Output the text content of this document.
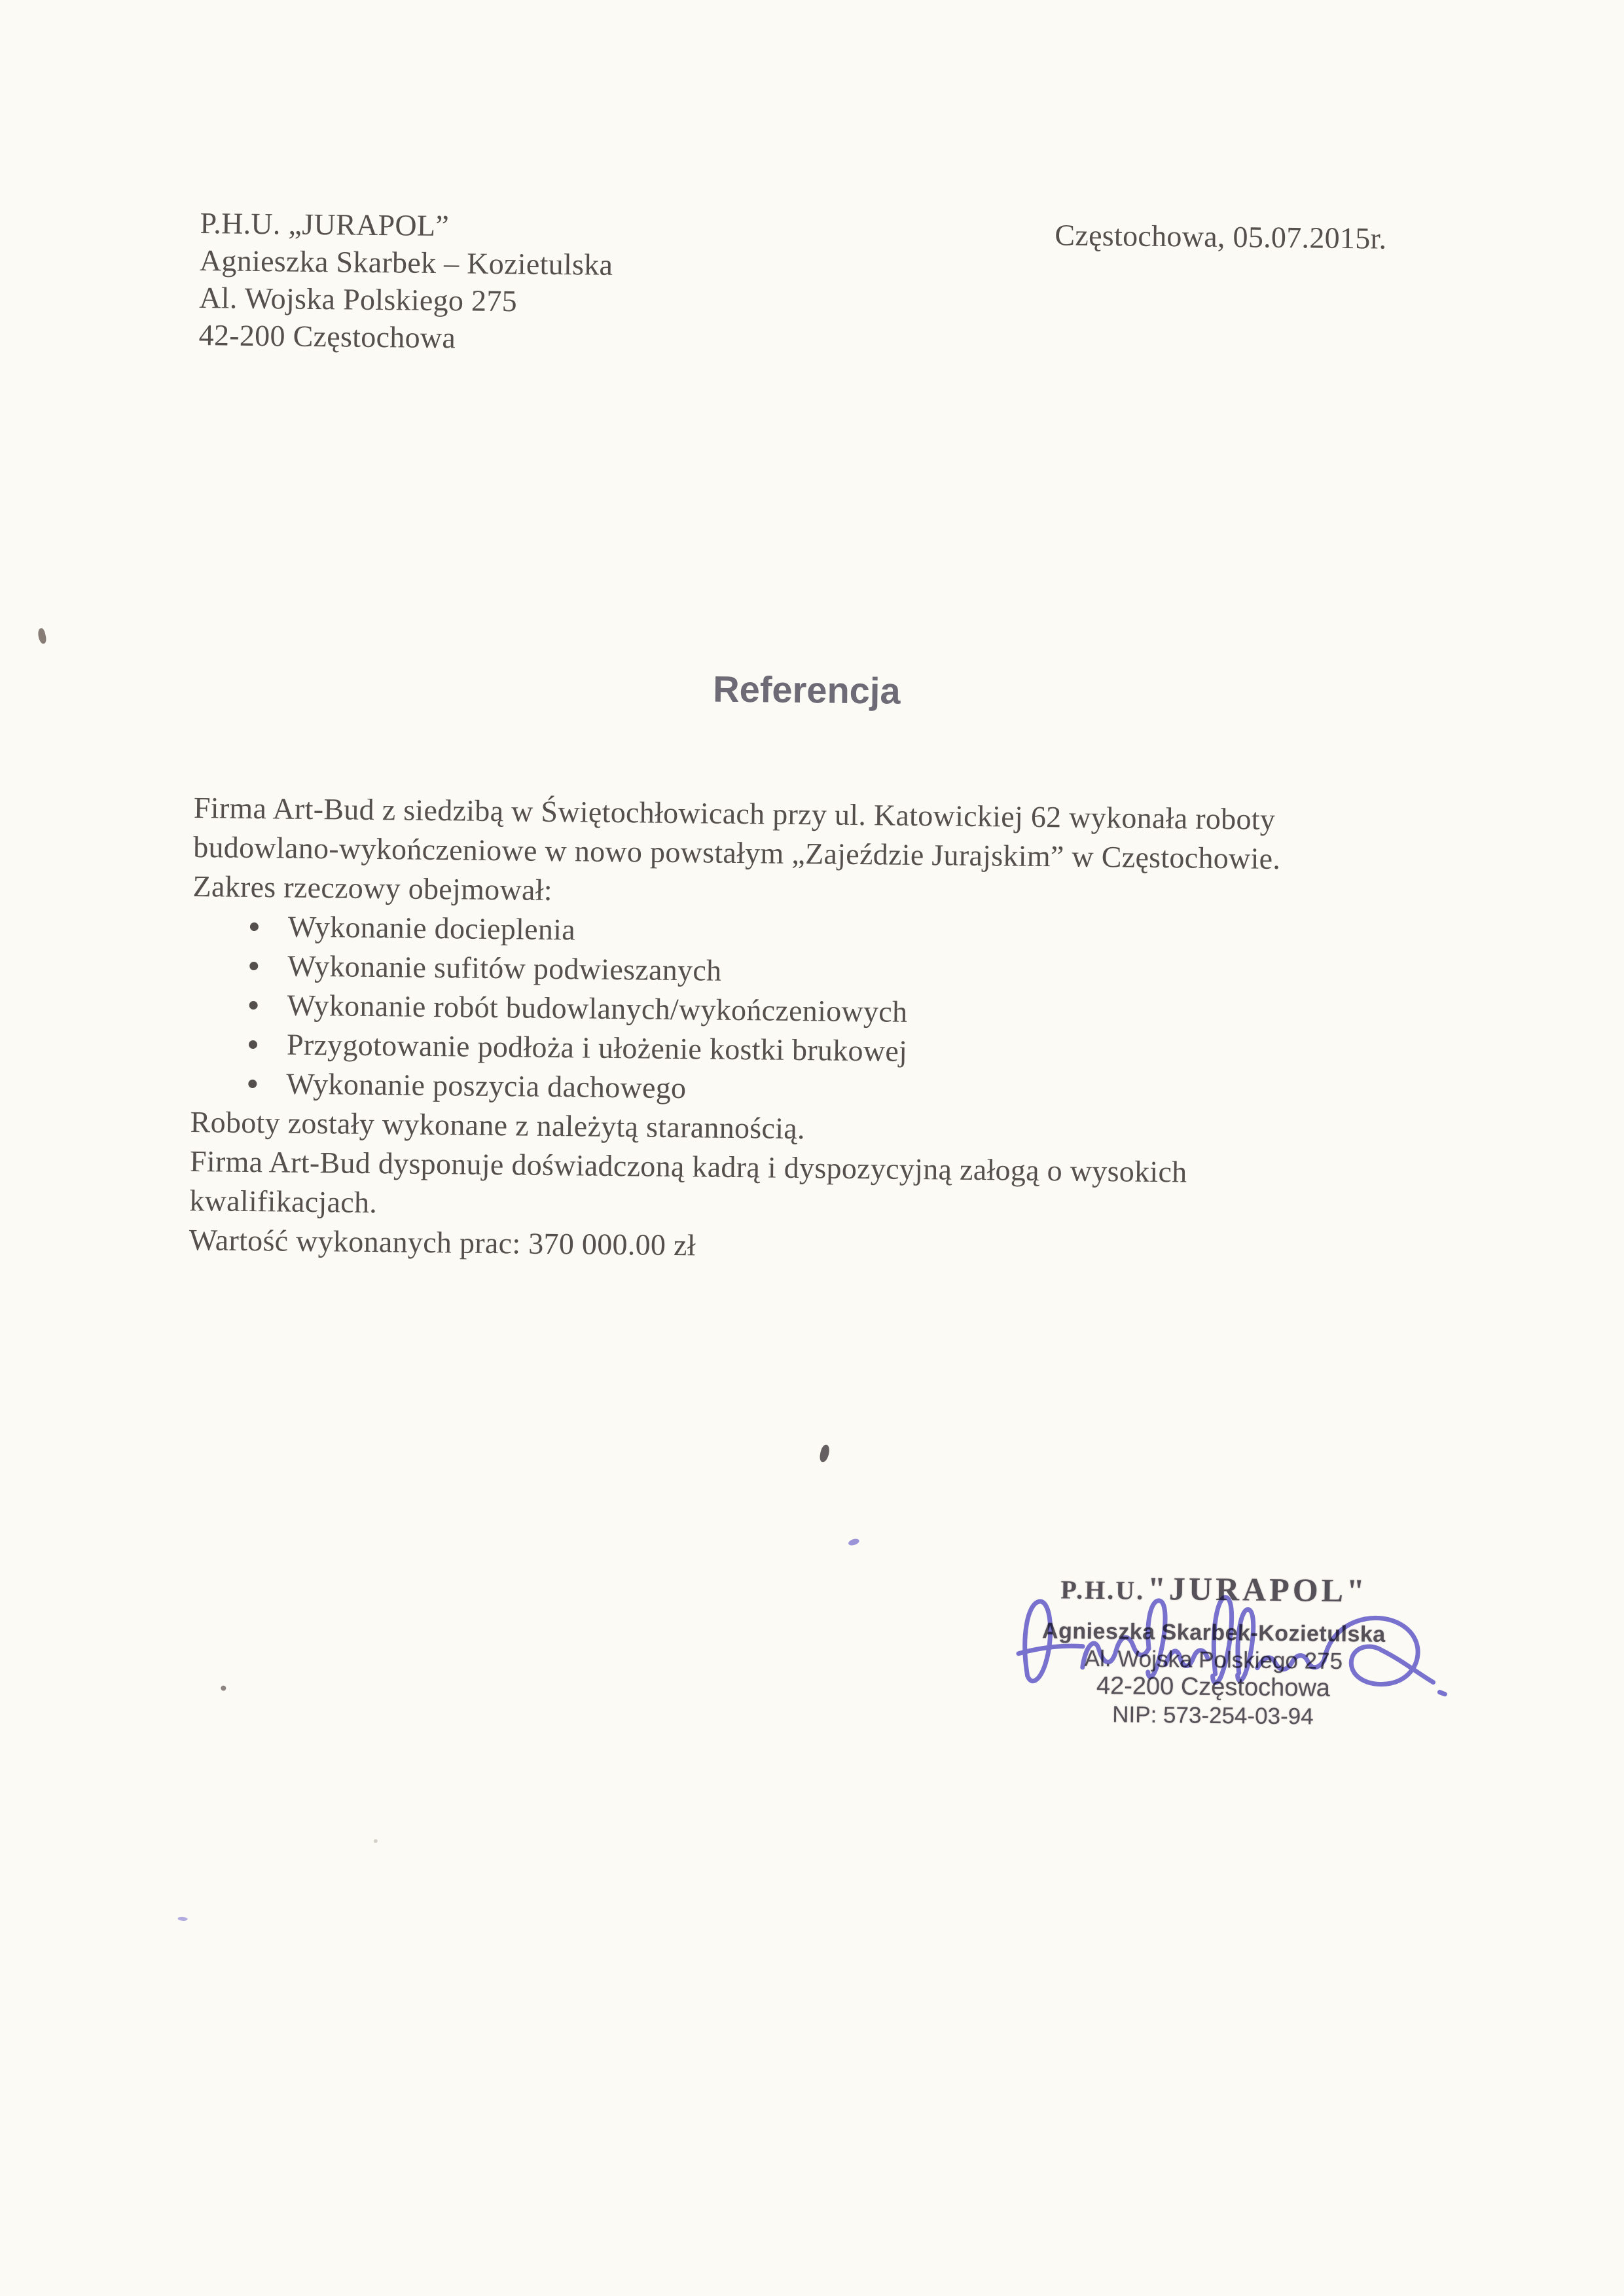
P.H.U. „JURAPOL”
Agnieszka Skarbek – Kozietulska
Al. Wojska Polskiego 275
42-200 Częstochowa
Częstochowa, 05.07.2015r.
Referencja
Firma Art-Bud z siedzibą w Świętochłowicach przy ul. Katowickiej 62 wykonała roboty
budowlano-wykończeniowe w nowo powstałym „Zajeździe Jurajskim” w Częstochowie.
Zakres rzeczowy obejmował:
Wykonanie docieplenia
Wykonanie sufitów podwieszanych
Wykonanie robót budowlanych/wykończeniowych
Przygotowanie podłoża i ułożenie kostki brukowej
Wykonanie poszycia dachowego
Roboty zostały wykonane z należytą starannością.
Firma Art-Bud dysponuje doświadczoną kadrą i dyspozycyjną załogą o wysokich
kwalifikacjach.
Wartość wykonanych prac: 370 000.00 zł
P.H.U. "JURAPOL"
Agnieszka Skarbek-Kozietulska
Al. Wojska Polskiego 275
42-200 Częstochowa
NIP: 573-254-03-94
